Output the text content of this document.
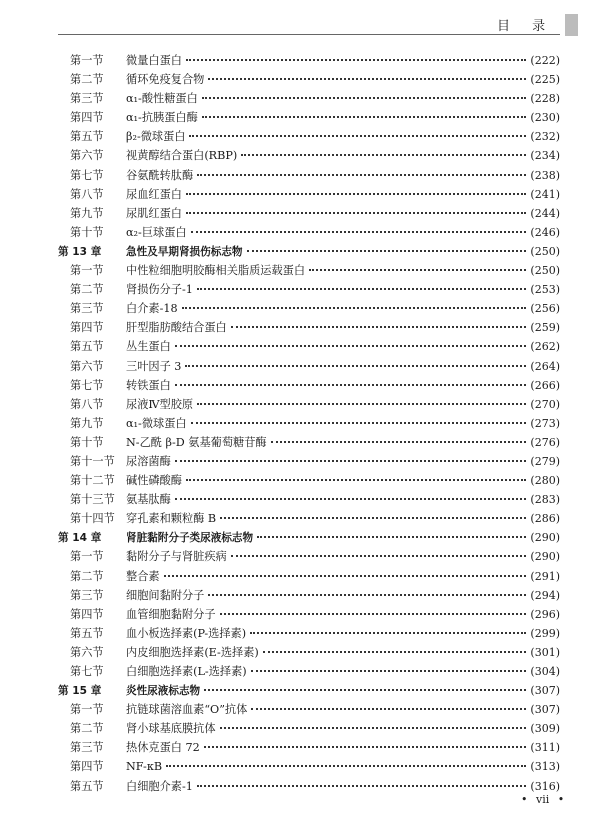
目 录
第一节	微量白蛋白	(222)
第二节	循环免疫复合物	(225)
第三节	α₁-酸性糖蛋白	(228)
第四节	α₁-抗胰蛋白酶	(230)
第五节	β₂-微球蛋白	(232)
第六节	视黄醇结合蛋白(RBP)	(234)
第七节	谷氨酰转肽酶	(238)
第八节	尿血红蛋白	(241)
第九节	尿肌红蛋白	(244)
第十节	α₂-巨球蛋白	(246)
第 13 章	急性及早期肾损伤标志物	(250)
第一节	中性粒细胞明胶酶相关脂质运载蛋白	(250)
第二节	肾损伤分子-1	(253)
第三节	白介素-18	(256)
第四节	肝型脂肪酸结合蛋白	(259)
第五节	丛生蛋白	(262)
第六节	三叶因子 3	(264)
第七节	转铁蛋白	(266)
第八节	尿液Ⅳ型胶原	(270)
第九节	α₁-微球蛋白	(273)
第十节	N-乙酰 β-D 氨基葡萄糖苷酶	(276)
第十一节	尿溶菌酶	(279)
第十二节	碱性磷酸酶	(280)
第十三节	氨基肽酶	(283)
第十四节	穿孔素和颗粒酶 B	(286)
第 14 章	肾脏黏附分子类尿液标志物	(290)
第一节	黏附分子与肾脏疾病	(290)
第二节	整合素	(291)
第三节	细胞间黏附分子	(294)
第四节	血管细胞黏附分子	(296)
第五节	血小板选择素(P-选择素)	(299)
第六节	内皮细胞选择素(E-选择素)	(301)
第七节	白细胞选择素(L-选择素)	(304)
第 15 章	炎性尿液标志物	(307)
第一节	抗链球菌溶血素“O”抗体	(307)
第二节	肾小球基底膜抗体	(309)
第三节	热休克蛋白 72	(311)
第四节	NF-κB	(313)
第五节	白细胞介素-1	(316)
• vii •
